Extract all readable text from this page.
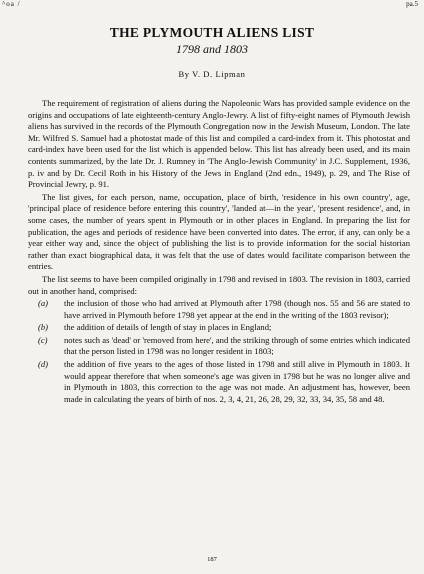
^oa /	pa.5
THE PLYMOUTH ALIENS LIST
1798 and 1803
By V. D. Lipman

The requirement of registration of aliens during the Napoleonic Wars has provided sample evidence on the origins and occupations of late eighteenth-century Anglo-Jewry. A list of fifty-eight names of Plymouth Jewish aliens has survived in the records of the Plymouth Congregation now in the Jewish Museum, London. The late Mr. Wilfred S. Samuel had a photostat made of this list and compiled a card-index from it. This photostat and card-index have been used for the list which is appended below. This list has already been used, and its main contents summarized, by the late Dr. J. Rumney in 'The Anglo-Jewish Community' in J.C. Supplement, 1936, p. iv and by Dr. Cecil Roth in his History of the Jews in England (2nd edn., 1949), p. 29, and The Rise of Provincial Jewry, p. 91.

The list gives, for each person, name, occupation, place of birth, 'residence in his own country', age, 'principal place of residence before entering this country', 'landed at—in the year', 'present residence', and, in some cases, the number of years spent in Plymouth or in other places in England. In preparing the list for publication, the ages and periods of residence have been converted into dates. The error, if any, can only be a year either way and, since the object of publishing the list is to provide information for the social historian rather than exact biographical data, it was felt that the use of dates would facilitate comparison between the entries.

The list seems to have been compiled originally in 1798 and revised in 1803. The revision in 1803, carried out in another hand, comprised:

(a)	the inclusion of those who had arrived at Plymouth after 1798 (though nos. 55 and 56 are stated to have arrived in Plymouth before 1798 yet appear at the end in the writing of the 1803 revisor);
(b)	the addition of details of length of stay in places in England;
(c)	notes such as 'dead' or 'removed from here', and the striking through of some entries which indicated that the person listed in 1798 was no longer resident in 1803;
(d)	the addition of five years to the ages of those listed in 1798 and still alive in Plymouth in 1803. It would appear therefore that when someone's age was given in 1798 but he was no longer alive and in Plymouth in 1803, this correction to the age was not made. An adjustment has, however, been made in calculating the years of birth of nos. 2, 3, 4, 21, 26, 28, 29, 32, 33, 34, 35, 58 and 48.
187
